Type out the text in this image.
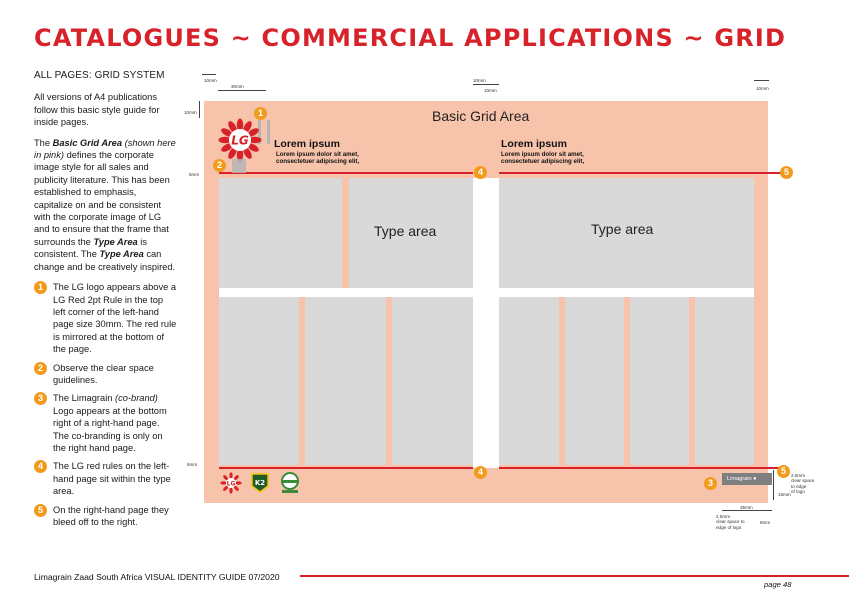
CATALOGUES ~ COMMERCIAL APPLICATIONS ~ GRID
ALL PAGES: GRID SYSTEM

All versions of A4 publications follow this basic style guide for inside pages.

The Basic Grid Area (shown here in pink) defines the corporate image style for all sales and publicity literature. This has been established to emphasis, capitalize on and be consistent with the corporate image of LG and to ensure that the frame that surrounds the Type Area is consistent. The Type Area can change and be creatively inspired.

1	The LG logo appears above a LG Red 2pt Rule in the top left corner of the left-hand page size 30mm. The red rule is mirrored at the bottom of the page.
2	Observe the clear space guidelines.
3	The Limagrain (co-brand) Logo appears at the bottom right of a right-hand page. The co-branding is only on the right hand page.
4	The LG red rules on the left-hand page sit within the type area.
5	On the right-hand page they bleed off to the right.
Basic Grid Area
Type area	Type area
Lorem ipsum
Lorem ipsum dolor sit amet,
consectetuer adipiscing elit,
Lorem ipsum
Lorem ipsum dolor sit amet,
consectetuer adipiscing elit,
LG
LG	K2	Limagrain ●
1
2
4	5
4
3
5
10mm
30mm
10mm
10mm	10mm
10mm
5mm
5mm
2.5mm
clear space
to edge
of logo
15mm
35mm
2.5mm
clear space to
edge of logo
8mm
Limagrain Zaad South Africa VISUAL IDENTITY GUIDE 07/2020
page 48
